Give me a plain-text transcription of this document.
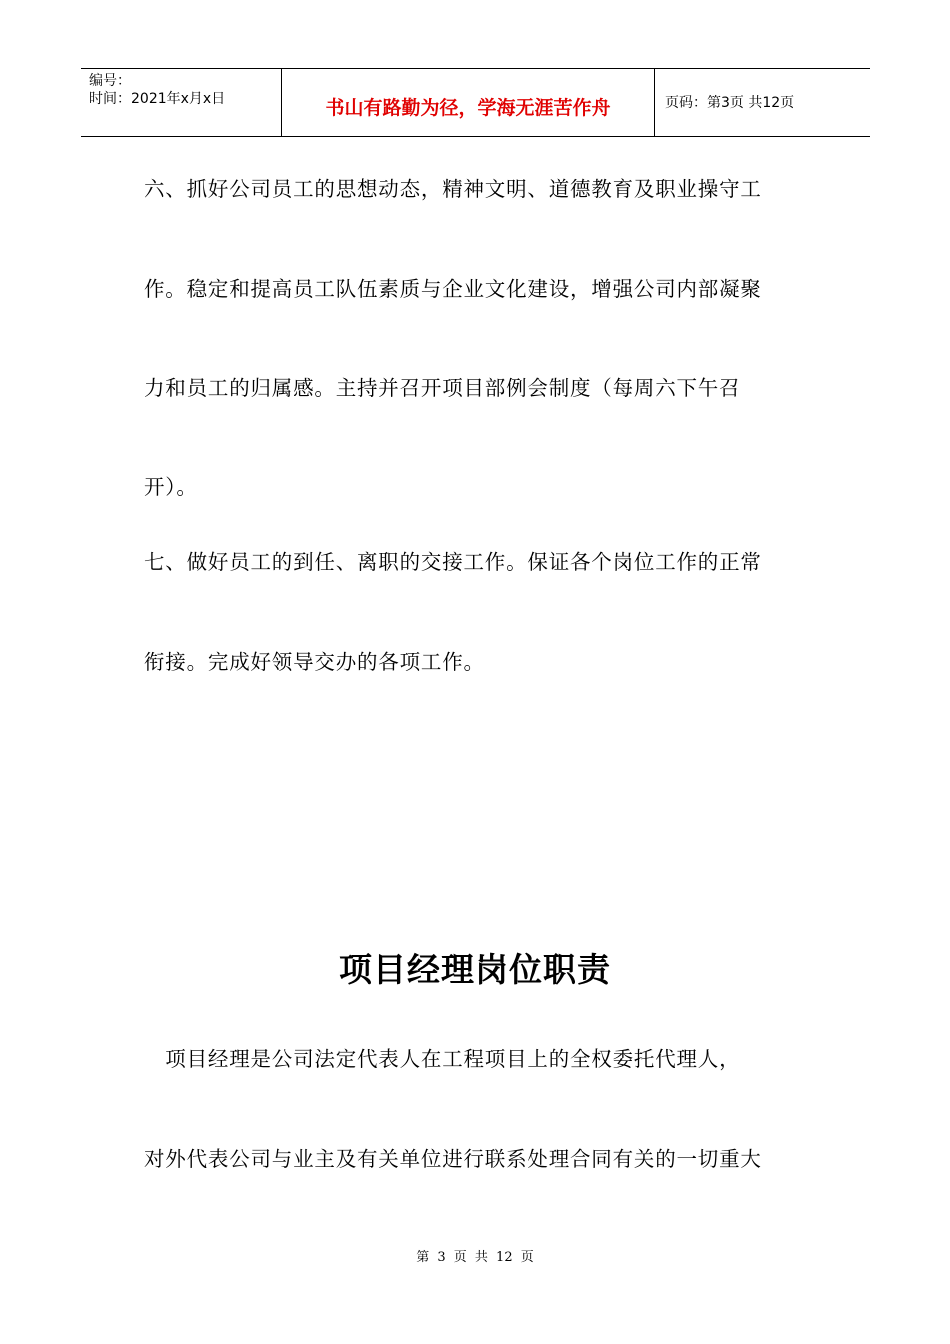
编号：
时间：2021年x月x日	书山有路勤为径，学海无涯苦作舟	页码：第3页 共12页

六、抓好公司员工的思想动态，精神文明、道德教育及职业操守工

作。稳定和提高员工队伍素质与企业文化建设，增强公司内部凝聚

力和员工的归属感。主持并召开项目部例会制度（每周六下午召

开）。

七、做好员工的到任、离职的交接工作。保证各个岗位工作的正常

衔接。完成好领导交办的各项工作。

项目经理岗位职责

　项目经理是公司法定代表人在工程项目上的全权委托代理人，

对外代表公司与业主及有关单位进行联系处理合同有关的一切重大

第 3 页 共 12 页
